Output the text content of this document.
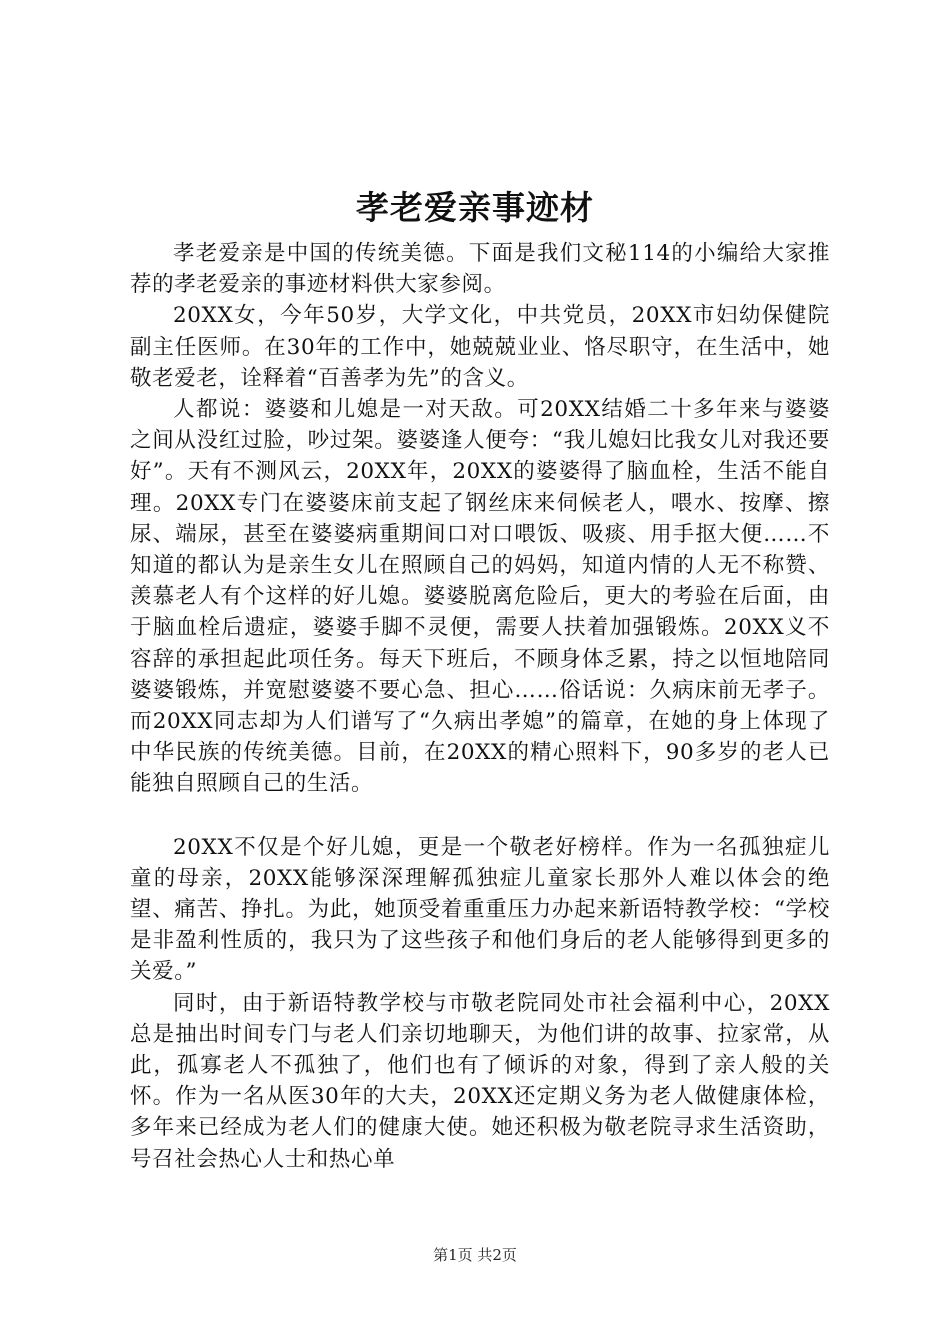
孝老爱亲事迹材

孝老爱亲是中国的传统美德。下面是我们文秘114的小编给大家推荐的孝老爱亲的事迹材料供大家参阅。

20XX女，今年50岁，大学文化，中共党员，20XX市妇幼保健院副主任医师。在30年的工作中，她兢兢业业、恪尽职守，在生活中，她敬老爱老，诠释着“百善孝为先”的含义。

人都说：婆婆和儿媳是一对天敌。可20XX结婚二十多年来与婆婆之间从没红过脸，吵过架。婆婆逢人便夸：“我儿媳妇比我女儿对我还要好”。天有不测风云，20XX年，20XX的婆婆得了脑血栓，生活不能自理。20XX专门在婆婆床前支起了钢丝床来伺候老人，喂水、按摩、擦尿、端尿，甚至在婆婆病重期间口对口喂饭、吸痰、用手抠大便……不知道的都认为是亲生女儿在照顾自己的妈妈，知道内情的人无不称赞、羡慕老人有个这样的好儿媳。婆婆脱离危险后，更大的考验在后面，由于脑血栓后遗症，婆婆手脚不灵便，需要人扶着加强锻炼。20XX义不容辞的承担起此项任务。每天下班后，不顾身体乏累，持之以恒地陪同婆婆锻炼，并宽慰婆婆不要心急、担心……俗话说：久病床前无孝子。而20XX同志却为人们谱写了“久病出孝媳”的篇章，在她的身上体现了中华民族的传统美德。目前，在20XX的精心照料下，90多岁的老人已能独自照顾自己的生活。

20XX不仅是个好儿媳，更是一个敬老好榜样。作为一名孤独症儿童的母亲，20XX能够深深理解孤独症儿童家长那外人难以体会的绝望、痛苦、挣扎。为此，她顶受着重重压力办起来新语特教学校：“学校是非盈利性质的，我只为了这些孩子和他们身后的老人能够得到更多的关爱。”

同时，由于新语特教学校与市敬老院同处市社会福利中心，20XX总是抽出时间专门与老人们亲切地聊天，为他们讲的故事、拉家常，从此，孤寡老人不孤独了，他们也有了倾诉的对象，得到了亲人般的关怀。作为一名从医30年的大夫，20XX还定期义务为老人做健康体检，多年来已经成为老人们的健康大使。她还积极为敬老院寻求生活资助，号召社会热心人士和热心单

第1页 共2页
